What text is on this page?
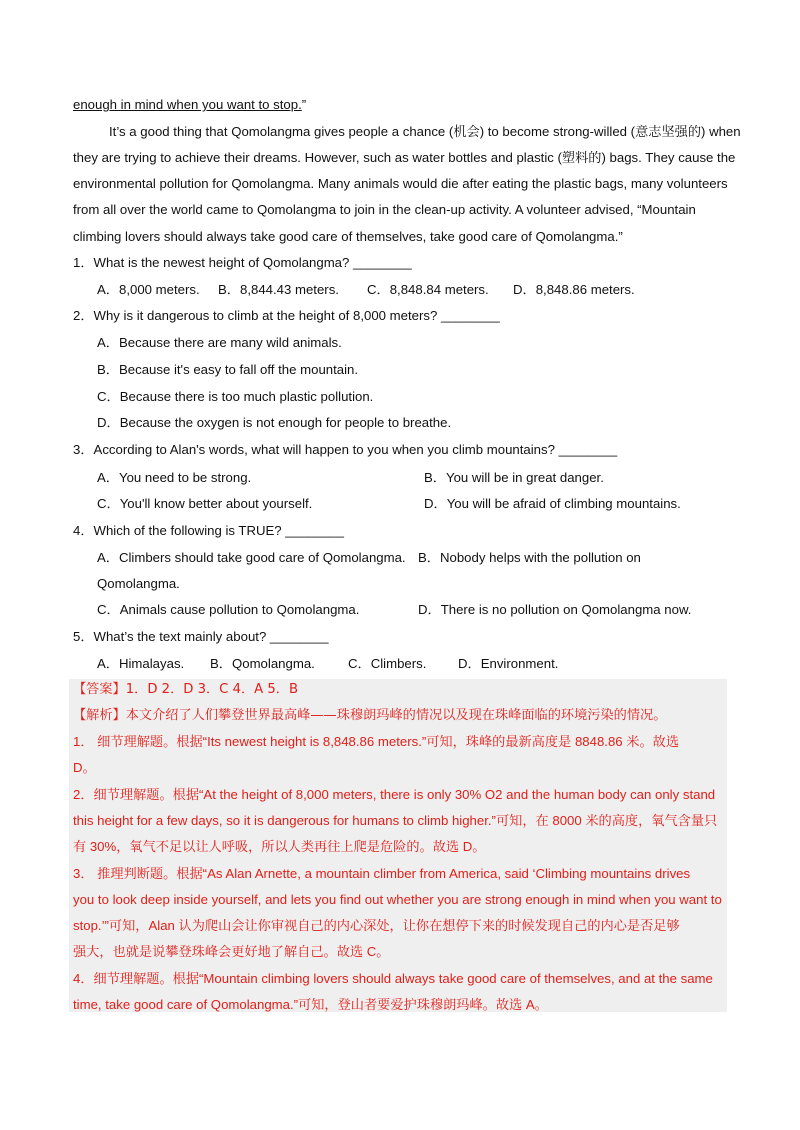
enough in mind when you want to stop.”
It’s a good thing that Qomolangma gives people a chance (机会) to become strong-willed (意志坚强的) when
they are trying to achieve their dreams. However, such as water bottles and plastic (塑料的) bags. They cause the
environmental pollution for Qomolangma. Many animals would die after eating the plastic bags, many volunteers
from all over the world came to Qomolangma to join in the clean-up activity. A volunteer advised, “Mountain
climbing lovers should always take good care of themselves, take good care of Qomolangma.”
1．What is the newest height of Qomolangma? ________
A．8,000 meters. B．8,844.43 meters. C．8,848.84 meters. D．8,848.86 meters.
2．Why is it dangerous to climb at the height of 8,000 meters? ________
A．Because there are many wild animals.
B．Because it's easy to fall off the mountain.
C．Because there is too much plastic pollution.
D．Because the oxygen is not enough for people to breathe.
3．According to Alan's words, what will happen to you when you climb mountains? ________
A．You need to be strong.	B．You will be in great danger.
C．You'll know better about yourself.	D．You will be afraid of climbing mountains.
4．Which of the following is TRUE? ________
A．Climbers should take good care of Qomolangma. B．Nobody helps with the pollution on
Qomolangma.
C．Animals cause pollution to Qomolangma.	D．There is no pollution on Qomolangma now.
5．What’s the text mainly about? ________
A．Himalayas. B．Qomolangma.	C．Climbers. D．Environment.
【答案】1．D 2．D 3．C 4．A 5．B
【解析】本文介绍了人们攀登世界最高峰——珠穆朗玛峰的情况以及现在珠峰面临的环境污染的情况。
1． 细节理解题。根据“Its newest height is 8,848.86 meters.”可知，珠峰的最新高度是 8848.86 米。故选
D。
2．细节理解题。根据“At the height of 8,000 meters, there is only 30% O2 and the human body can only stand
this height for a few days, so it is dangerous for humans to climb higher.”可知，在 8000 米的高度，氧气含量只
有 30%，氧气不足以让人呼吸，所以人类再往上爬是危险的。故选 D。
3． 推理判断题。根据“As Alan Arnette, a mountain climber from America, said ‘Climbing mountains drives
you to look deep inside yourself, and lets you find out whether you are strong enough in mind when you want to
stop.’”可知，Alan 认为爬山会让你审视自己的内心深处，让你在想停下来的时候发现自己的内心是否足够
强大，也就是说攀登珠峰会更好地了解自己。故选 C。
4．细节理解题。根据“Mountain climbing lovers should always take good care of themselves, and at the same
time, take good care of Qomolangma.”可知，登山者要爱护珠穆朗玛峰。故选 A。
